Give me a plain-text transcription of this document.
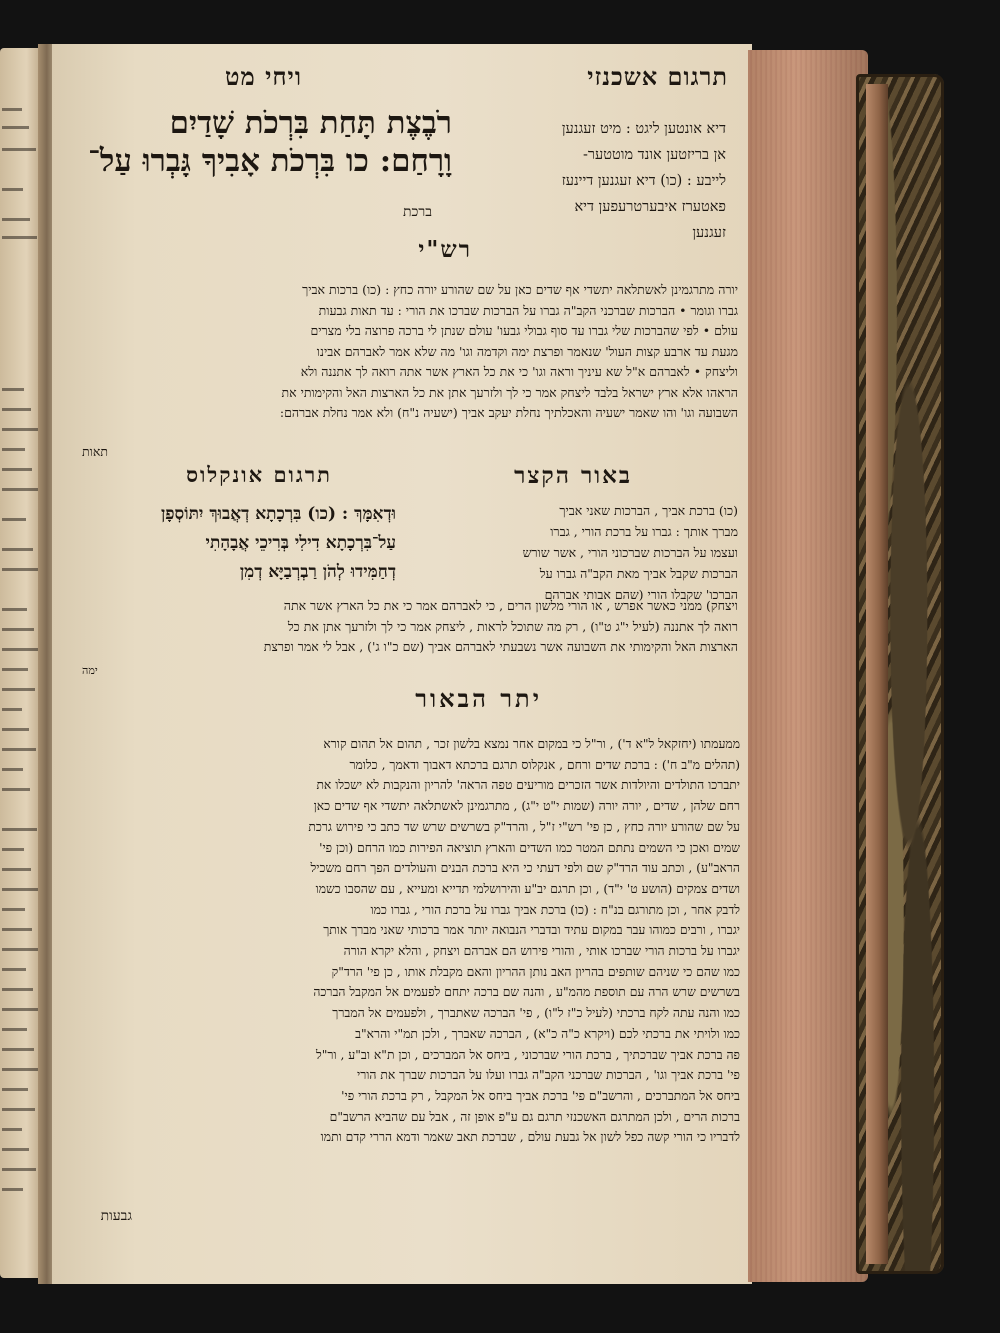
תרגום אשכנזי
ויחי מט
דיא אונטען ליגט : מיט זעגנען
אן בריזטען אונד מוטטער-
לייבע : (כו) דיא זעגנען דיינעז
פאטערז איבערטרעפען דיא
זעגנען
רֹבֶצֶת תָּחַת בִּרְכֹת שָׁדַיִם
וָרָחַם: כו בִּרְכֹת אָבִיךָ גָּבְרוּ עַל־
ברכת
רש"י
יורה מתרגמינן לאשתלאה יתשדי אף שדים כאן על שם שהורע יורה כחץ : (כו) ברכות אביך
גברו וגומר • הברכות שברכני הקב"ה גברו על הברכות שברכו את הורי : עד תאות גבעות
עולם • לפי שהברכות שלי גברו עד סוף גבולי גבעו' עולם שנתן לי ברכה פרוצה בלי מצרים
מגעת עד ארבע קצות העול' שנאמר ופרצת ימה וקדמה וגו' מה שלא אמר לאברהם אבינו
וליצחק • לאברהם א"ל שא עיניך וראה וגו' כי את כל הארץ אשר אתה רואה לך אתננה ולא
הראהו אלא ארץ ישראל בלבד ליצחק אמר כי לך ולזרעך אתן את כל הארצות האל והקימותי את
השבועה וגו' והו שאמר ישעיה והאכלתיך נחלת יעקב אביך (ישעיה נ"ח) ולא אמר נחלת אברהם:
תאות
באור הקצר
תרגום אונקלוס
(כו) ברכת אביך , הברכות שאני אביך
מברך אותך : גברו על ברכת הורי , גברו
ועצמו על הברכות שברכוני הורי , אשר שורש
הברכות שקבל אביך מאת הקב"ה גברו על
הברכו' שקבלו הורי (שהם אבותי אברהם
וּדְאִמָּךְ : (כו) בִּרְכָתָא דְאֲבוּךְ יִתּוֹסְפָן
עַל־בִּרְכָתָא דִילִי בְּרִיכֵי אֲבָהָתִי
דְחַמִּידוּ לְהֹן רַבְרְבַיָּא דְמִן
ויצחק) ממני כאשר אפרש , או הורי מלשון הרים , כי לאברהם אמר כי את כל הארץ אשר אתה
רואה לך אתננה (לעיל י"ג ט"ו) , רק מה שתוכל לראות , ליצחק אמר כי לך ולזרעך אתן את כל
הארצות האל והקימותי את השבועה אשר נשבעתי לאברהם אביך (שם כ"ו ג') , אבל לי אמר ופרצת
ימה
יתר הבאור
ממעמתו (יחזקאל ל"א ד') , ור"ל כי במקום אחר נמצא בלשון זכר , תהום אל תהום קורא
(תהלים מ"ב ח') : ברכת שדים ורחם , אנקלוס תרגם ברכתא דאבוך ודאמך , כלומר
יתברכו התולדים והיולדות אשר הזכרים מוריעים טפה הראה' להריון והנקבות לא ישכלו את
רחם שלהן , שדים , יורה יורה (שמות י"ט י"ג) , מתרגמינן לאשתלאה יתשדי אף שדים כאן
על שם שהורע יורה כחץ , כן פי' רש"י ז"ל , והרד"ק בשרשים שרש שד כתב כי פירוש גרכת
שמים ואכן כי השמים נתתם המטר כמו השדים והארץ תוציאה הפירות כמו הרחם (וכן פי'
הראב"ע) , וכתב עוד הרד"ק שם ולפי דעתי כי היא ברכת הבנים והעולדים הפך רחם משכיל
ושדים צמקים (הושע ט' י"ד) , וכן תרגם יב"ע והירושלמי תדייא ומעייא , עם שהסבו כשמו
לדבק אחר , וכן מתורגם בנ"ח : (כו) ברכת אביך גברו על ברכת הורי , גברו כמו
יגברו , ורבים כמוהו עבר במקום עתיד ובדברי הנבואה יותר אמר ברכותי שאני מברך אותך
יגברו על ברכות הורי שברכו אותי , והורי פירוש הם אברהם ויצחק , והלא יקרא הורה
כמו שהם כי שניהם שותפים בהריון האב נותן ההריון והאם מקבלת אותו , כן פי' הרד"ק
בשרשים שרש הרה עם תוספת מהמ"ע , והנה שם ברכה יתחם לפעמים אל המקבל הברכה
כמו והנה עתה לקח ברכתי (לעיל כ"ז ל"ו) , פי' הברכה שאתברך , ולפעמים אל המברך
כמו ולויתי את ברכתי לכם (ויקרא כ"ה כ"א) , הברכה שאברך , ולכן תמ"י והרא"ב
פה ברכת אביך שברכתיך , ברכת הורי שברכוני , ביחס אל המברכים , וכן ת"א וב"ע , ור"ל
פי' ברכת אביך וגו' , הברכות שברכני הקב"ה גברו ועלו על הברכות שברך את הורי
ביחס אל המתברכים , והרשב"ם פי' ברכת אביך ביחס אל המקבל , רק ברכת הורי פי'
ברכות הרים , ולכן המתרגם האשכנזי תרגם גם ע"פ אופן זה , אבל עם שהביא הרשב"ם
לדבריו כי הורי קשה כפל לשון אל גבעת עולם , שברכת תאב שאמר ודמא הררי קדם ותמו
גבעות
